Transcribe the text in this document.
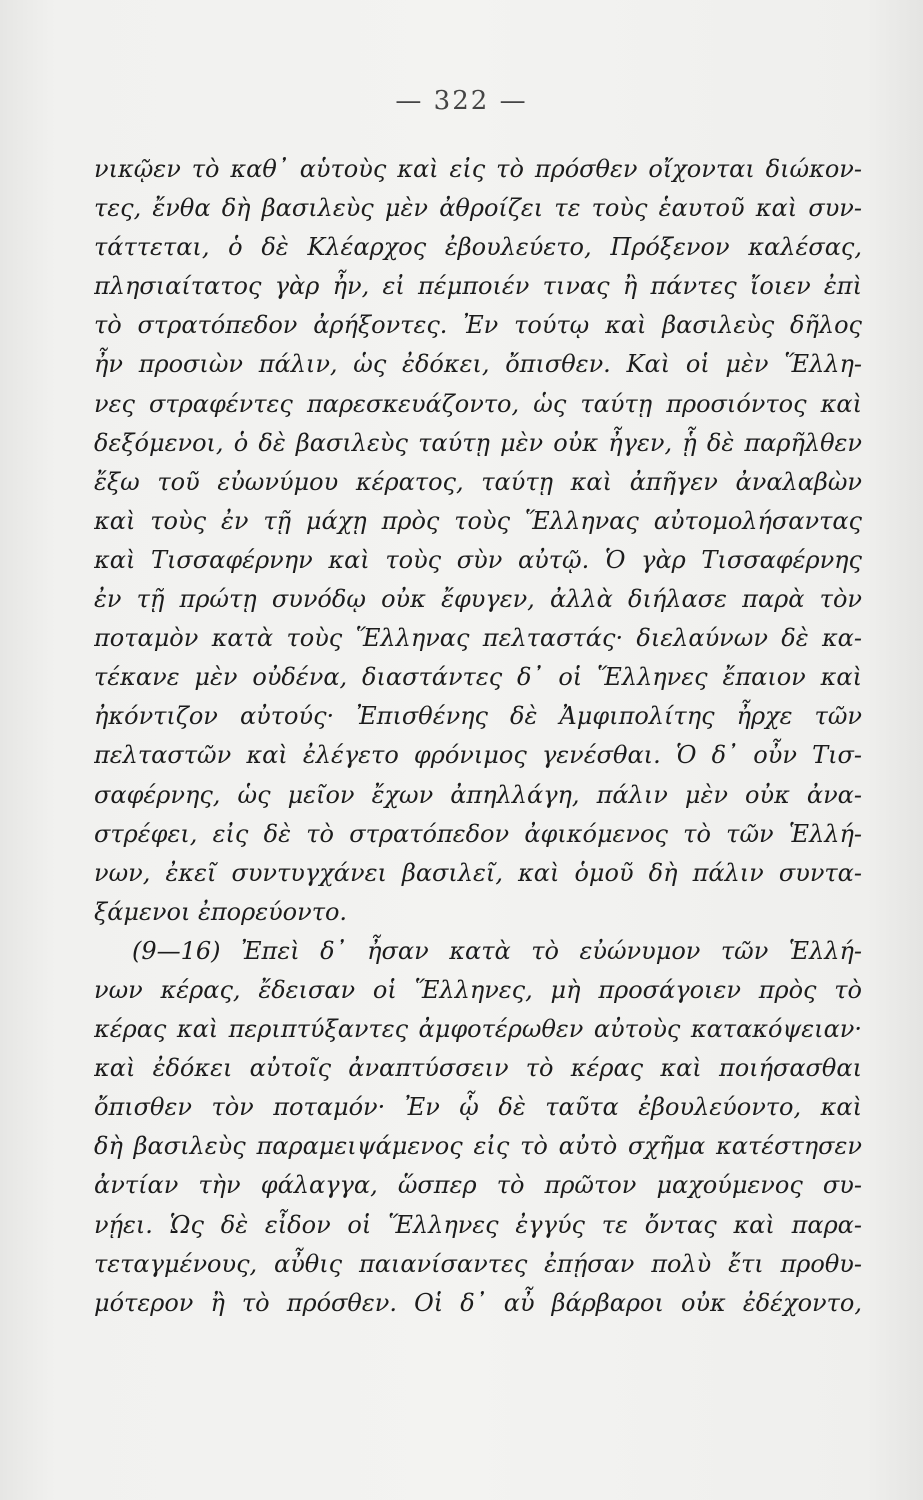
— 322 —
νικῷεν τὸ καθ᾽ αὑτοὺς καὶ εἰς τὸ πρόσθεν οἴχονται διώκον-
τες, ἔνθα δὴ βασιλεὺς μὲν ἀθροίζει τε τοὺς ἑαυτοῦ καὶ συν-
τάττεται, ὁ δὲ Κλέαρχος ἐβουλεύετο, Πρόξενον καλέσας,
πλησιαίτατος γὰρ ἦν, εἰ πέμποιέν τινας ἢ πάντες ἴοιεν ἐπὶ
τὸ στρατόπεδον ἀρήξοντες. Ἐν τούτῳ καὶ βασιλεὺς δῆλος
ἦν προσιὼν πάλιν, ὡς ἐδόκει, ὄπισθεν. Καὶ οἱ μὲν Ἕλλη-
νες στραφέντες παρεσκευάζοντο, ὡς ταύτῃ προσιόντος καὶ
δεξόμενοι, ὁ δὲ βασιλεὺς ταύτῃ μὲν οὐκ ἦγεν, ᾗ δὲ παρῆλθεν
ἔξω τοῦ εὐωνύμου κέρατος, ταύτῃ καὶ ἀπῆγεν ἀναλαβὼν
καὶ τοὺς ἐν τῇ μάχῃ πρὸς τοὺς Ἕλληνας αὐτομολήσαντας
καὶ Τισσαφέρνην καὶ τοὺς σὺν αὐτῷ. Ὁ γὰρ Τισσαφέρνης
ἐν τῇ πρώτῃ συνόδῳ οὐκ ἔφυγεν, ἀλλὰ διήλασε παρὰ τὸν
ποταμὸν κατὰ τοὺς Ἕλληνας πελταστάς· διελαύνων δὲ κα-
τέκανε μὲν οὐδένα, διαστάντες δ᾽ οἱ Ἕλληνες ἔπαιον καὶ
ἠκόντιζον αὐτούς· Ἐπισθένης δὲ Ἀμφιπολίτης ἦρχε τῶν
πελταστῶν καὶ ἐλέγετο φρόνιμος γενέσθαι. Ὁ δ᾽ οὖν Τισ-
σαφέρνης, ὡς μεῖον ἔχων ἀπηλλάγη, πάλιν μὲν οὐκ ἀνα-
στρέφει, εἰς δὲ τὸ στρατόπεδον ἀφικόμενος τὸ τῶν Ἑλλή-
νων, ἐκεῖ συντυγχάνει βασιλεῖ, καὶ ὁμοῦ δὴ πάλιν συντα-
ξάμενοι ἐπορεύοντο.
(9—16) Ἐπεὶ δ᾽ ἦσαν κατὰ τὸ εὐώνυμον τῶν Ἑλλή-
νων κέρας, ἔδεισαν οἱ Ἕλληνες, μὴ προσάγοιεν πρὸς τὸ
κέρας καὶ περιπτύξαντες ἀμφοτέρωθεν αὐτοὺς κατακόψειαν·
καὶ ἐδόκει αὐτοῖς ἀναπτύσσειν τὸ κέρας καὶ ποιήσασθαι
ὄπισθεν τὸν ποταμόν· Ἐν ᾧ δὲ ταῦτα ἐβουλεύοντο, καὶ
δὴ βασιλεὺς παραμειψάμενος εἰς τὸ αὐτὸ σχῆμα κατέστησεν
ἀντίαν τὴν φάλαγγα, ὥσπερ τὸ πρῶτον μαχούμενος συ-
νῄει. Ὡς δὲ εἶδον οἱ Ἕλληνες ἐγγύς τε ὄντας καὶ παρα-
τεταγμένους, αὖθις παιανίσαντες ἐπῄσαν πολὺ ἔτι προθυ-
μότερον ἢ τὸ πρόσθεν. Οἱ δ᾽ αὖ βάρβαροι οὐκ ἐδέχοντο,
